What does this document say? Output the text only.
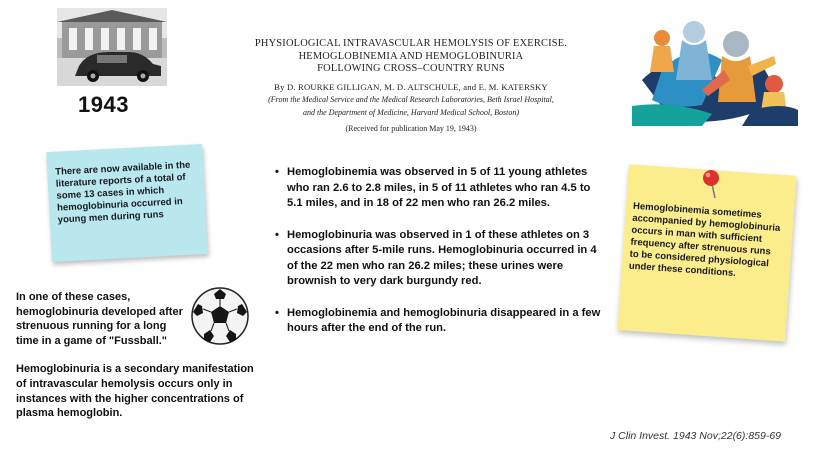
1943
PHYSIOLOGICAL INTRAVASCULAR HEMOLYSIS OF EXERCISE.
HEMOGLOBINEMIA AND HEMOGLOBINURIA
FOLLOWING CROSS–COUNTRY RUNS
By D. ROURKE GILLIGAN, M. D. ALTSCHULE, and E. M. KATERSKY
(From the Medical Service and the Medical Research Laboratories, Beth Israel Hospital,
and the Department of Medicine, Harvard Medical School, Boston)
(Received for publication May 19, 1943)
There are now available in the literature reports of a total of some 13 cases in which hemoglobinuria occurred in young men during runs	Hemoglobinemia sometimes accompanied by hemoglobinuria occurs in man with sufficient frequency after strenuous runs to be considered physiological under these conditions.
• Hemoglobinemia was observed in 5 of 11 young athletes who ran 2.6 to 2.8 miles, in 5 of 11 athletes who ran 4.5 to 5.1 miles, and in 18 of 22 men who ran 26.2 miles.
• Hemoglobinuria was observed in 1 of these athletes on 3 occasions after 5-mile runs. Hemoglobinuria occurred in 4 of the 22 men who ran 26.2 miles; these urines were brownish to very dark burgundy red.
• Hemoglobinemia and hemoglobinuria disappeared in a few hours after the end of the run.

In one of these cases, hemoglobinuria developed after strenuous running for a long time in a game of "Fussball."

Hemoglobinuria is a secondary manifestation of intravascular hemolysis occurs only in instances with the higher concentrations of plasma hemoglobin.

J Clin Invest. 1943 Nov;22(6):859-69
